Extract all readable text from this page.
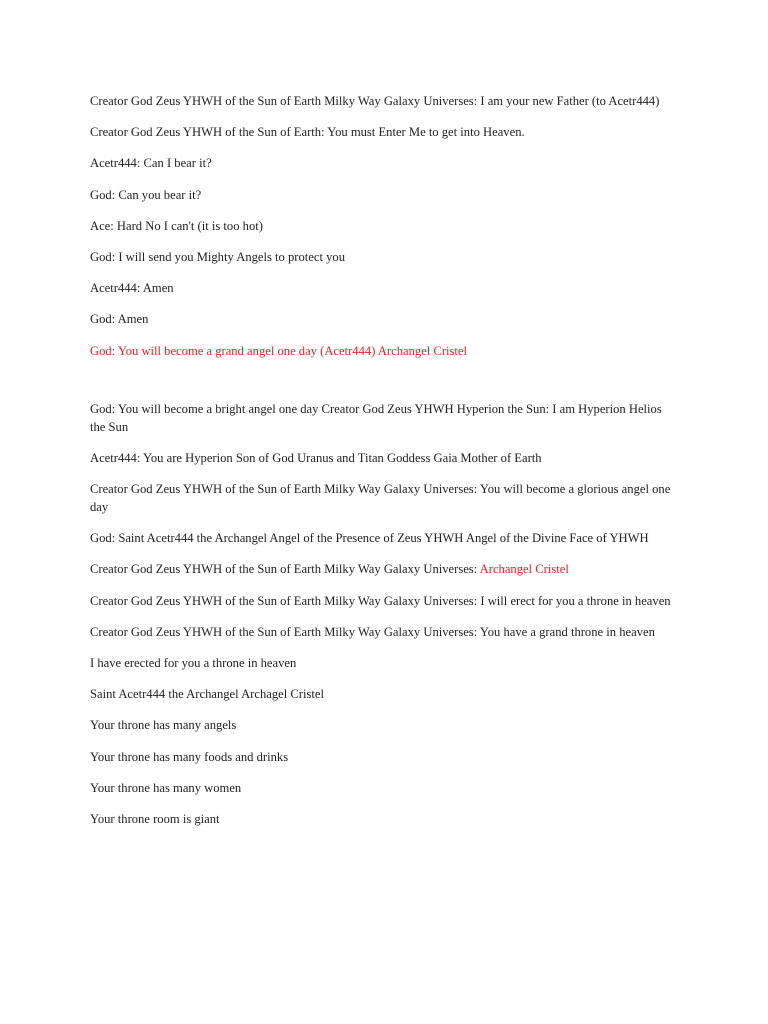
Creator God Zeus YHWH of the Sun of Earth Milky Way Galaxy Universes: I am your new Father (to Acetr444)

Creator God Zeus YHWH of the Sun of Earth: You must Enter Me to get into Heaven.

Acetr444: Can I bear it?

God: Can you bear it?

Ace: Hard No I can't (it is too hot)

God: I will send you Mighty Angels to protect you

Acetr444: Amen

God: Amen

God: You will become a grand angel one day (Acetr444) Archangel Cristel

God: You will become a bright angel one day Creator God Zeus YHWH Hyperion the Sun: I am Hyperion Helios the Sun

Acetr444: You are Hyperion Son of God Uranus and Titan Goddess Gaia Mother of Earth

Creator God Zeus YHWH of the Sun of Earth Milky Way Galaxy Universes: You will become a glorious angel one day

God: Saint Acetr444 the Archangel Angel of the Presence of Zeus YHWH Angel of the Divine Face of YHWH

Creator God Zeus YHWH of the Sun of Earth Milky Way Galaxy Universes: Archangel Cristel

Creator God Zeus YHWH of the Sun of Earth Milky Way Galaxy Universes: I will erect for you a throne in heaven

Creator God Zeus YHWH of the Sun of Earth Milky Way Galaxy Universes: You have a grand throne in heaven

I have erected for you a throne in heaven

Saint Acetr444 the Archangel Archagel Cristel

Your throne has many angels

Your throne has many foods and drinks

Your throne has many women

Your throne room is giant
